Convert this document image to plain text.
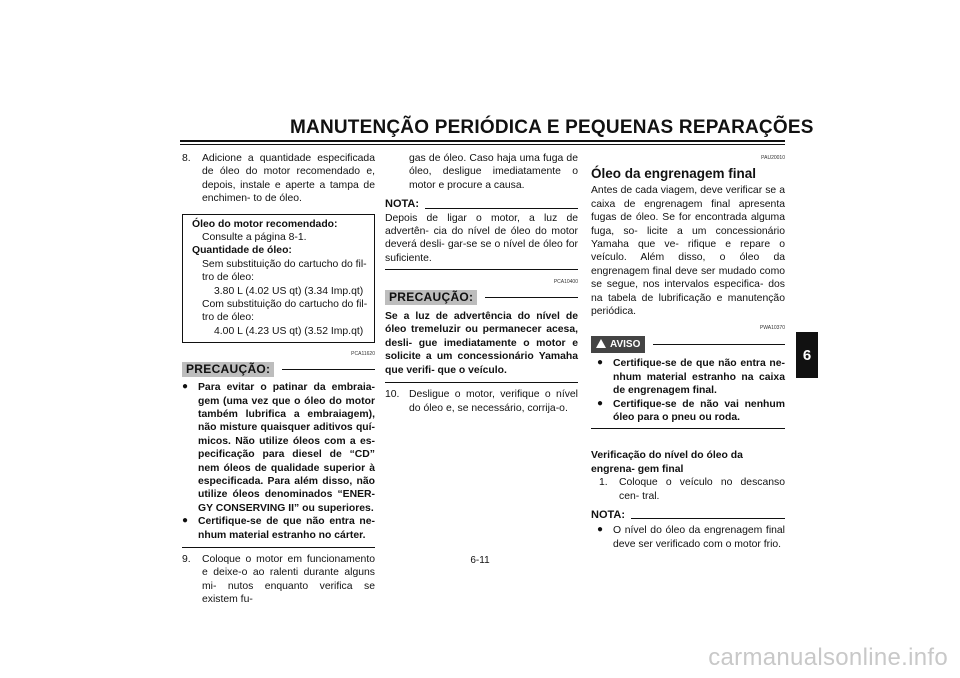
MANUTENÇÃO PERIÓDICA E PEQUENAS REPARAÇÕES
6
8. Adicione a quantidade especificada de óleo do motor recomendado e, depois, instale e aperte a tampa de enchimen- to de óleo.
Óleo do motor recomendado:
Consulte a página 8-1.
Quantidade de óleo:
Sem substituição do cartucho do fil- tro de óleo:
3.80 L (4.02 US qt) (3.34 Imp.qt)
Com substituição do cartucho do fil- tro de óleo:
4.00 L (4.23 US qt) (3.52 Imp.qt)
PCA11620
PRECAUÇÃO:
● Para evitar o patinar da embraia- gem (uma vez que o óleo do motor também lubrifica a embraiagem), não misture quaisquer aditivos quí- micos. Não utilize óleos com a es- pecificação para diesel de “CD” nem óleos de qualidade superior à especificada. Para além disso, não utilize óleos denominados “ENER- GY CONSERVING II” ou superiores.
● Certifique-se de que não entra ne- nhum material estranho no cárter.
9. Coloque o motor em funcionamento e deixe-o ao ralenti durante alguns mi- nutos enquanto verifica se existem fu-
gas de óleo. Caso haja uma fuga de óleo, desligue imediatamente o motor e procure a causa.
NOTA:
Depois de ligar o motor, a luz de advertên- cia do nível de óleo do motor deverá desli- gar-se se o nível de óleo for suficiente.
PCA10400
PRECAUÇÃO:
Se a luz de advertência do nível de óleo tremeluzir ou permanecer acesa, desli- gue imediatamente o motor e solicite a um concessionário Yamaha que verifi- que o veículo.
10. Desligue o motor, verifique o nível do óleo e, se necessário, corrija-o.
PAU20010
Óleo da engrenagem final
Antes de cada viagem, deve verificar se a caixa de engrenagem final apresenta fugas de óleo. Se for encontrada alguma fuga, so- licite a um concessionário Yamaha que ve- rifique e repare o veículo. Além disso, o óleo da engrenagem final deve ser mudado como se segue, nos intervalos especifica- dos na tabela de lubrificação e manutenção periódica.
PWA10370
AVISO
● Certifique-se de que não entra ne- nhum material estranho na caixa de engrenagem final.
● Certifique-se de não vai nenhum óleo para o pneu ou roda.
Verificação do nível do óleo da engrena- gem final
1. Coloque o veículo no descanso cen- tral.
NOTA:
● O nível do óleo da engrenagem final deve ser verificado com o motor frio.
6-11
carmanualsonline.info
